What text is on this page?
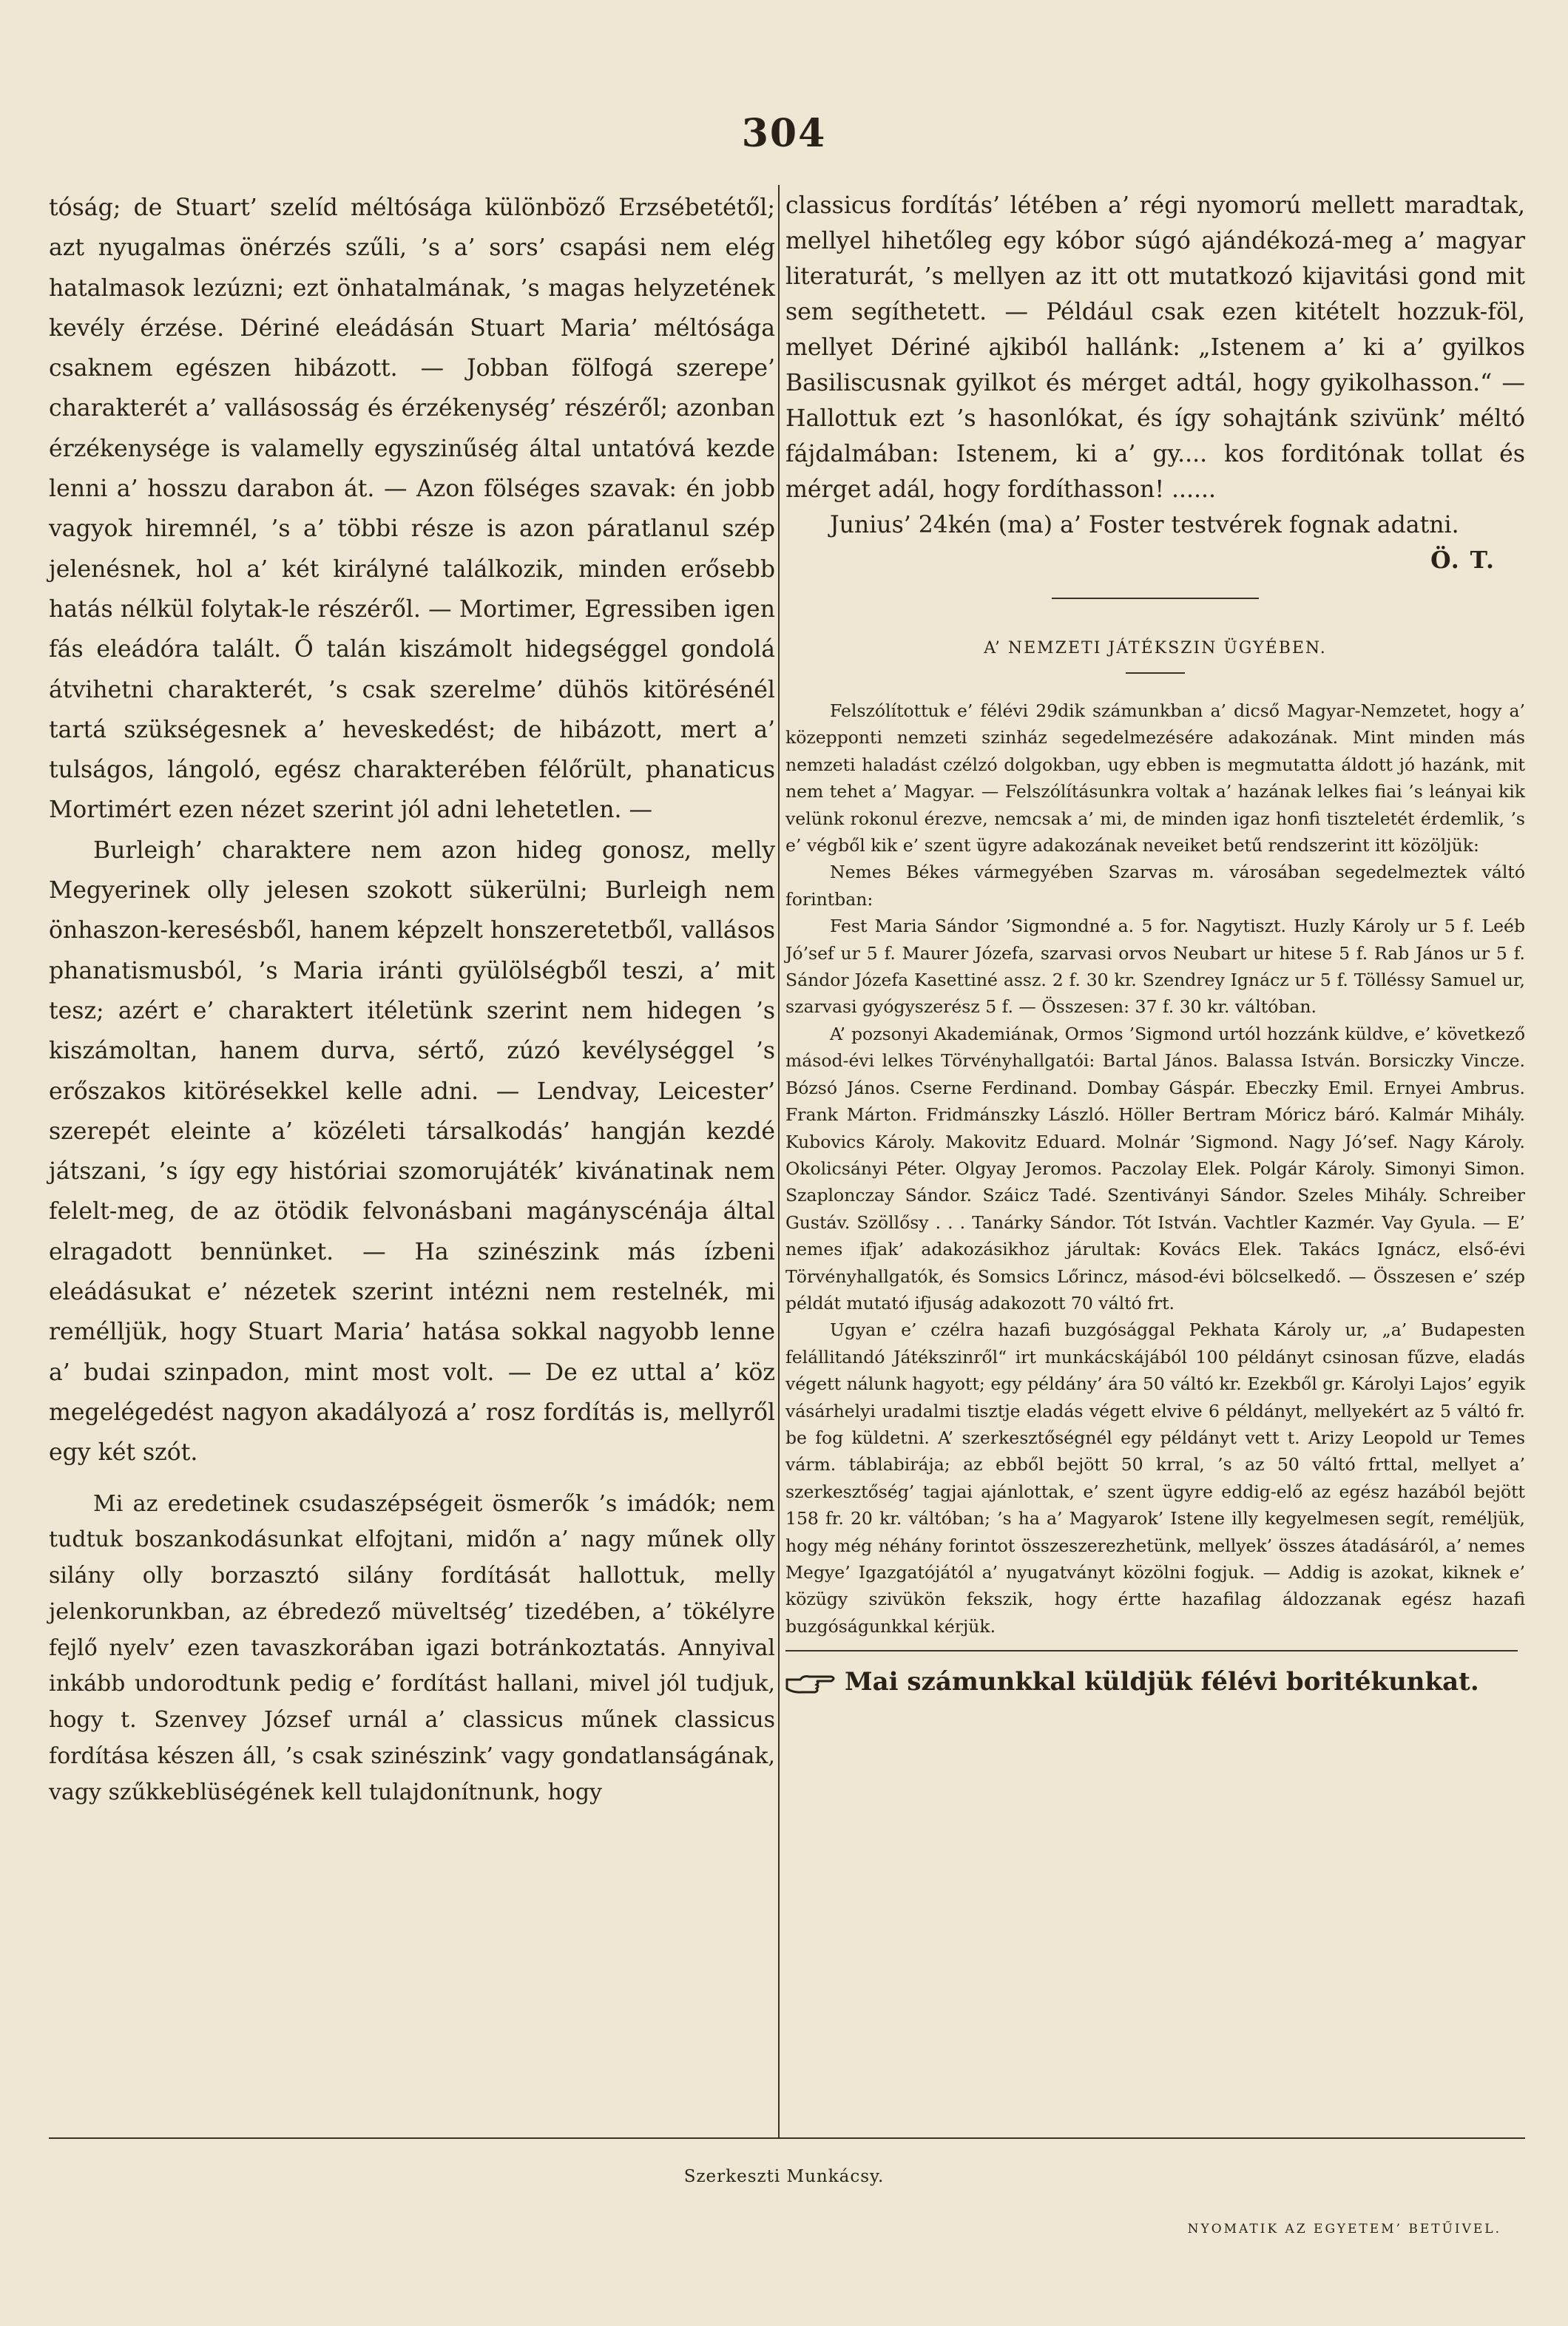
304

tóság; de Stuart’ szelíd méltósága különböző Erzsébetétől; azt nyugalmas önérzés szűli, ’s a’ sors’ csapási nem elég hatalmasok lezúzni; ezt önhatalmának, ’s magas helyzetének kevély érzése. Dériné eleádásán Stuart Maria’ méltósága csaknem egészen hibázott. — Jobban fölfogá szerepe’ charakterét a’ vallásosság és érzékenység’ részéről; azonban érzékenysége is valamelly egyszinűség által untatóvá kezde lenni a’ hosszu darabon át. — Azon fölséges szavak: én jobb vagyok hiremnél, ’s a’ többi része is azon páratlanul szép jelenésnek, hol a’ két királyné találkozik, minden erősebb hatás nélkül folytak-le részéről. — Mortimer, Egressiben igen fás eleádóra talált. Ő talán kiszámolt hidegséggel gondolá átvihetni charakterét, ’s csak szerelme’ dühös kitörésénél tartá szükségesnek a’ heveskedést; de hibázott, mert a’ tulságos, lángoló, egész charakterében félőrült, phanaticus Mortimért ezen nézet szerint jól adni lehetetlen. —

Burleigh’ charaktere nem azon hideg gonosz, melly Megyerinek olly jelesen szokott sükerülni; Burleigh nem önhaszon-keresésből, hanem képzelt honszeretetből, vallásos phanatismusból, ’s Maria iránti gyülölségből teszi, a’ mit tesz; azért e’ charaktert itéletünk szerint nem hidegen ’s kiszámoltan, hanem durva, sértő, zúzó kevélységgel ’s erőszakos kitörésekkel kelle adni. — Lendvay, Leicester’ szerepét eleinte a’ közéleti társalkodás’ hangján kezdé játszani, ’s így egy históriai szomorujáték’ kivánatinak nem felelt-meg, de az ötödik felvonásbani magányscénája által elragadott bennünket. — Ha szinészink más ízbeni eleádásukat e’ nézetek szerint intézni nem restelnék, mi remélljük, hogy Stuart Maria’ hatása sokkal nagyobb lenne a’ budai szinpadon, mint most volt. — De ez uttal a’ köz megelégedést nagyon akadályozá a’ rosz fordítás is, mellyről egy két szót.

Mi az eredetinek csudaszépségeit ösmerők ’s imádók; nem tudtuk boszankodásunkat elfojtani, midőn a’ nagy műnek olly silány olly borzasztó silány fordítását hallottuk, melly jelenkorunkban, az ébredező müveltség’ tizedében, a’ tökélyre fejlő nyelv’ ezen tavaszkorában igazi botránkoztatás. Annyival inkább undorodtunk pedig e’ fordítást hallani, mivel jól tudjuk, hogy t. Szenvey József urnál a’ classicus műnek classicus fordítása készen áll, ’s csak szinészink’ vagy gondatlanságának, vagy szűkkeblüségének kell tulajdonítnunk, hogy

classicus fordítás’ létében a’ régi nyomorú mellett maradtak, mellyel hihetőleg egy kóbor súgó ajándékozá-meg a’ magyar literaturát, ’s mellyen az itt ott mutatkozó kijavitási gond mit sem segíthetett. — Például csak ezen kitételt hozzuk-föl, mellyet Dériné ajkiból hallánk: „Istenem a’ ki a’ gyilkos Basiliscusnak gyilkot és mérget adtál, hogy gyikolhasson.“ — Hallottuk ezt ’s hasonlókat, és így sohajtánk szivünk’ méltó fájdalmában: Istenem, ki a’ gy.... kos forditónak tollat és mérget adál, hogy fordíthasson! ......

Junius’ 24kén (ma) a’ Foster testvérek fognak adatni.

Ö. T.
A’ NEMZETI JÁTÉKSZIN ÜGYÉBEN.

Felszólítottuk e’ félévi 29dik számunkban a’ dicső Magyar-Nemzetet, hogy a’ közepponti nemzeti szinház segedelmezésére adakozának. Mint minden más nemzeti haladást czélzó dolgokban, ugy ebben is megmutatta áldott jó hazánk, mit nem tehet a’ Magyar. — Felszólításunkra voltak a’ hazának lelkes fiai ’s leányai kik velünk rokonul érezve, nemcsak a’ mi, de minden igaz honfi tiszteletét érdemlik, ’s e’ végből kik e’ szent ügyre adakozának neveiket betű rendszerint itt közöljük:

Nemes Békes vármegyében Szarvas m. városában segedelmeztek váltó forintban:

Fest Maria Sándor ’Sigmondné a. 5 for. Nagytiszt. Huzly Károly ur 5 f. Leéb Jó’sef ur 5 f. Maurer Józefa, szarvasi orvos Neubart ur hitese 5 f. Rab János ur 5 f. Sándor Józefa Kasettiné assz. 2 f. 30 kr. Szendrey Ignácz ur 5 f. Tölléssy Samuel ur, szarvasi gyógyszerész 5 f. — Összesen: 37 f. 30 kr. váltóban.

A’ pozsonyi Akademiának, Ormos ’Sigmond urtól hozzánk küldve, e’ következő másod-évi lelkes Törvényhallgatói: Bartal János. Balassa István. Borsiczky Vincze. Bózsó János. Cserne Ferdinand. Dombay Gáspár. Ebeczky Emil. Ernyei Ambrus. Frank Márton. Fridmánszky László. Höller Bertram Móricz báró. Kalmár Mihály. Kubovics Károly. Makovitz Eduard. Molnár ’Sigmond. Nagy Jó’sef. Nagy Károly. Okolicsányi Péter. Olgyay Jeromos. Paczolay Elek. Polgár Károly. Simonyi Simon. Szaplonczay Sándor. Száicz Tadé. Szentiványi Sándor. Szeles Mihály. Schreiber Gustáv. Szöllősy . . . Tanárky Sándor. Tót István. Vachtler Kazmér. Vay Gyula. — E’ nemes ifjak’ adakozásikhoz járultak: Kovács Elek. Takács Ignácz, első-évi Törvényhallgatók, és Somsics Lőrincz, másod-évi bölcselkedő. — Összesen e’ szép példát mutató ifjuság adakozott 70 váltó frt.

Ugyan e’ czélra hazafi buzgósággal Pekhata Károly ur, „a’ Budapesten felállitandó Játékszinről“ irt munkácskájából 100 példányt csinosan fűzve, eladás végett nálunk hagyott; egy példány’ ára 50 váltó kr. Ezekből gr. Károlyi Lajos’ egyik vásárhelyi uradalmi tisztje eladás végett elvive 6 példányt, mellyekért az 5 váltó fr. be fog küldetni. A’ szerkesztőségnél egy példányt vett t. Arizy Leopold ur Temes várm. táblabirája; az ebből bejött 50 krral, ’s az 50 váltó frttal, mellyet a’ szerkesztőség’ tagjai ajánlottak, e’ szent ügyre eddig-elő az egész hazából bejött 158 fr. 20 kr. váltóban; ’s ha a’ Magyarok’ Istene illy kegyelmesen segít, reméljük, hogy még néhány forintot összeszerezhetünk, mellyek’ összes átadásáról, a’ nemes Megye’ Igazgatójától a’ nyugatványt közölni fogjuk. — Addig is azokat, kiknek e’ közügy szivükön fekszik, hogy értte hazafilag áldozzanak egész hazafi buzgóságunkkal kérjük.

Mai számunkkal küldjük félévi boritékunkat.
Szerkeszti Munkácsy.
NYOMATIK AZ EGYETEM’ BETŰIVEL.
